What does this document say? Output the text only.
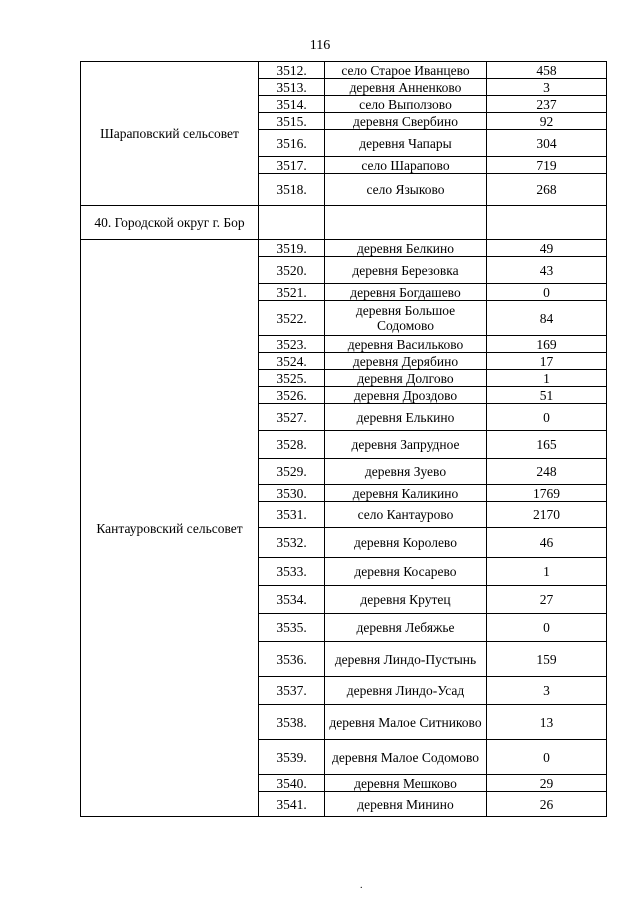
116
Шараповский сельсовет	3512.	село Старое Иванцево	458
	3513.	деревня Анненково	3
	3514.	село Выползово	237
	3515.	деревня Свербино	92
	3516.	деревня Чапары	304
	3517.	село Шарапово	719
	3518.	село Языково	268
40. Городской округ г. Бор			
Кантауровский сельсовет	3519.	деревня Белкино	49
	3520.	деревня Березовка	43
	3521.	деревня Богдашево	0
	3522.	деревня Большое Содомово	84
	3523.	деревня Васильково	169
	3524.	деревня Дерябино	17
	3525.	деревня Долгово	1
	3526.	деревня Дроздово	51
	3527.	деревня Елькино	0
	3528.	деревня Запрудное	165
	3529.	деревня Зуево	248
	3530.	деревня Каликино	1769
	3531.	село Кантаурово	2170
	3532.	деревня Королево	46
	3533.	деревня Косарево	1
	3534.	деревня Крутец	27
	3535.	деревня Лебяжье	0
	3536.	деревня Линдо-Пустынь	159
	3537.	деревня Линдо-Усад	3
	3538.	деревня Малое Ситниково	13
	3539.	деревня Малое Содомово	0
	3540.	деревня Мешково	29
	3541.	деревня Минино	26
.
